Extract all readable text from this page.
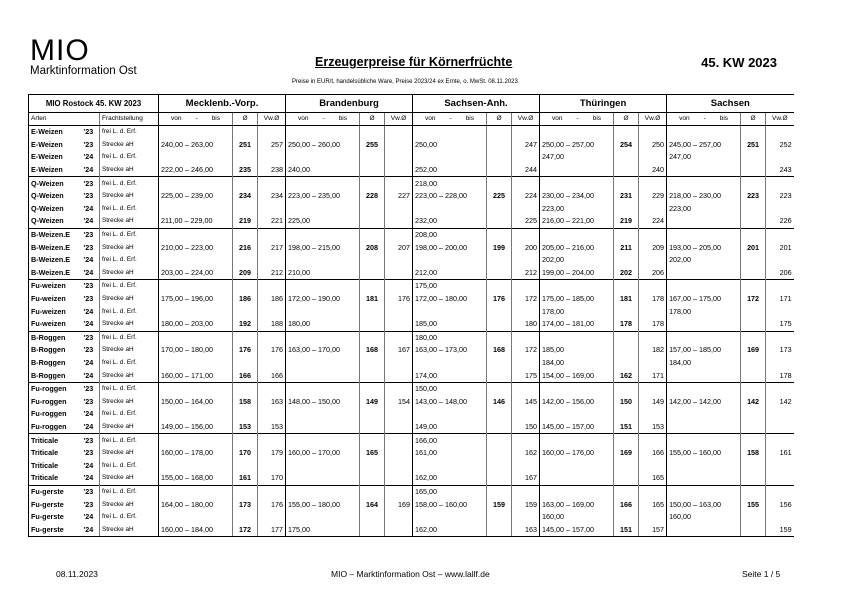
MIO
Marktinformation Ost
Erzeugerpreise für Körnerfrüchte	45. KW 2023
Preise in EUR/t, handelsübliche Ware, Preise 2023/24 ex Ernte, o. MwSt. 08.11.2023
MIO Rostock 45. KW 2023			Mecklenb.-Vorp.			Brandenburg			Sachsen-Anh.			Thüringen			Sachsen		
Arten		Frachtstellung	von - bis	Ø	Vw.Ø	von - bis	Ø	Vw.Ø	von - bis	Ø	Vw.Ø	von - bis	Ø	Vw.Ø	von - bis	Ø	Vw.Ø
E-Weizen	'23	frei L. d. Erf.															
E-Weizen	'23	Strecke aH	240,00 – 263,00	251	257	250,00 – 260,00	255		250,00		247	250,00 – 257,00	254	250	245,00 – 257,00	251	252
E-Weizen	'24	frei L. d. Erf.										247,00			247,00		
E-Weizen	'24	Strecke aH	222,00 – 246,00	235	238	240,00			252,00		244			240			243
Q-Weizen	'23	frei L. d. Erf.							218,00								
Q-Weizen	'23	Strecke aH	225,00 – 239,00	234	234	223,00 – 235,00	228	227	223,00 – 228,00	225	224	230,00 – 234,00	231	229	218,00 – 230,00	223	223
Q-Weizen	'24	frei L. d. Erf.										223,00			223,00		
Q-Weizen	'24	Strecke aH	211,00 – 229,00	219	221	225,00			232,00		225	216,00 – 221,00	219	224			226
B-Weizen.E	'23	frei L. d. Erf.							208,00								
B-Weizen.E	'23	Strecke aH	210,00 – 223,00	216	217	198,00 – 215,00	208	207	198,00 – 200,00	199	200	205,00 – 216,00	211	209	193,00 – 205,00	201	201
B-Weizen.E	'24	frei L. d. Erf.										202,00			202,00		
B-Weizen.E	'24	Strecke aH	203,00 – 224,00	209	212	210,00			212,00		212	199,00 – 204,00	202	206			206
Fu-weizen	'23	frei L. d. Erf.							175,00								
Fu-weizen	'23	Strecke aH	175,00 – 196,00	186	186	172,00 – 190,00	181	176	172,00 – 180,00	176	172	175,00 – 185,00	181	178	167,00 – 175,00	172	171
Fu-weizen	'24	frei L. d. Erf.										178,00			178,00		
Fu-weizen	'24	Strecke aH	180,00 – 203,00	192	188	180,00			185,00		180	174,00 – 181,00	178	178			175
B-Roggen	'23	frei L. d. Erf.							180,00								
B-Roggen	'23	Strecke aH	170,00 – 180,00	176	176	163,00 – 170,00	168	167	163,00 – 173,00	168	172	185,00		182	157,00 – 185,00	169	173
B-Roggen	'24	frei L. d. Erf.										184,00			184,00		
B-Roggen	'24	Strecke aH	160,00 – 171,00	166	166				174,00		175	154,00 – 169,00	162	171			178
Fu-roggen	'23	frei L. d. Erf.							150,00								
Fu-roggen	'23	Strecke aH	150,00 – 164,00	158	163	148,00 – 150,00	149	154	143,00 – 148,00	146	145	142,00 – 156,00	150	149	142,00 – 142,00	142	142
Fu-roggen	'24	frei L. d. Erf.															
Fu-roggen	'24	Strecke aH	149,00 – 156,00	153	153				149,00		150	145,00 – 157,00	151	153			
Triticale	'23	frei L. d. Erf.							166,00								
Triticale	'23	Strecke aH	160,00 – 178,00	170	179	160,00 – 170,00	165		161,00		162	160,00 – 176,00	169	166	155,00 – 160,00	158	161
Triticale	'24	frei L. d. Erf.															
Triticale	'24	Strecke aH	155,00 – 168,00	161	170				162,00		167			165			
Fu-gerste	'23	frei L. d. Erf.							165,00								
Fu-gerste	'23	Strecke aH	164,00 – 180,00	173	176	155,00 – 180,00	164	169	158,00 – 160,00	159	159	163,00 – 169,00	166	165	150,00 – 163,00	155	156
Fu-gerste	'24	frei L. d. Erf.										160,00			160,00		
Fu-gerste	'24	Strecke aH	160,00 – 184,00	172	177	175,00			162,00		163	145,00 – 157,00	151	157			159
08.11.2023	MIO – Marktinformation Ost – www.lallf.de	Seite 1 / 5
